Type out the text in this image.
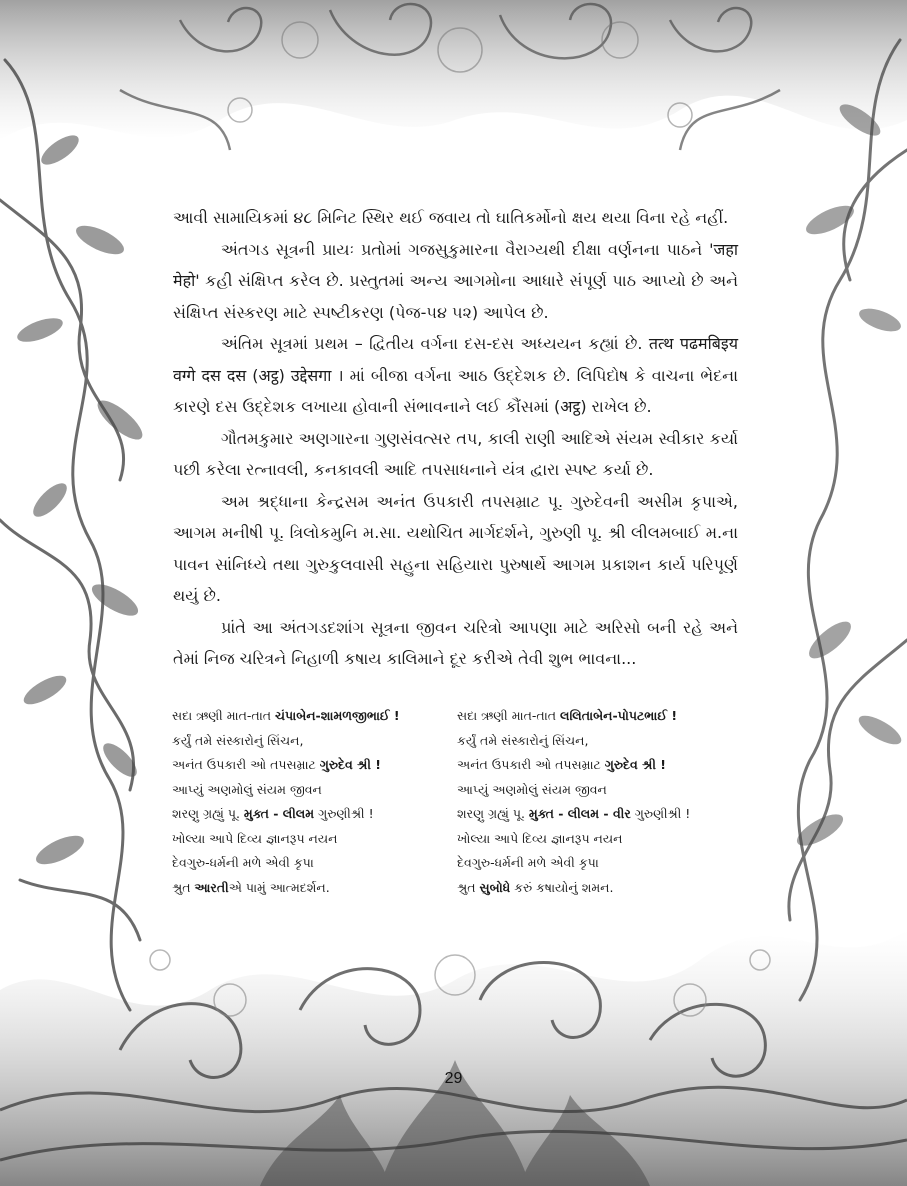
આવી સામાયિકમાં ૪૮ મિનિટ સ્થિર થઈ જવાય તો ઘાતિકર્મોનો ક્ષય થયા વિના રહે નહીં.

અંતગડ સૂત્રની પ્રાયઃ પ્રતોમાં ગજસુકુમારના વૈરાગ્યથી દીક્ષા વર્ણનના પાઠને 'जहा मेहो' કહી સંક્ષિપ્ત કરેલ છે. પ્રસ્તુતમાં અન્ય આગમોના આધારે સંપૂર્ણ પાઠ આપ્યો છે અને સંક્ષિપ્ત સંસ્કરણ માટે સ્પષ્ટીકરણ (પેજ-૫૪ ૫૨) આપેલ છે.

અંતિમ સૂત્રમાં પ્રથમ – દ્વિતીય વર્ગના દસ-દસ અધ્યયન કહ્યાં છે. तत्थ पढमबिइय वग्गे दस दस (अट्ठ) उद्देसगा । માં બીજા વર્ગના આઠ ઉદ્દેશક છે. લિપિદોષ કે વાચના ભેદના કારણે દસ ઉદ્દેશક લખાયા હોવાની સંભાવનાને લઈ કૌંસમાં (अट्ठ) રાખેલ છે.

ગૌતમકુમાર અણગારના ગુણસંવત્સર તપ, કાલી રાણી આદિએ સંયમ સ્વીકાર કર્યા પછી કરેલા રત્નાવલી, કનકાવલી આદિ તપસાધનાને યંત્ર દ્વારા સ્પષ્ટ કર્યા છે.

અમ શ્રદ્ધાના કેન્દ્રસમ અનંત ઉપકારી તપસમ્રાટ પૂ. ગુરુદેવની અસીમ કૃપાએ, આગમ મનીષી પૂ. ત્રિલોકમુનિ મ.સા. યથોચિત માર્ગદર્શને, ગુરુણી પૂ. શ્રી લીલમબાઈ મ.ના પાવન સાંનિધ્યે તથા ગુરુકુલવાસી સહુના સહિયારા પુરુષાર્થે આગમ પ્રકાશન કાર્ય પરિપૂર્ણ થયું છે.

પ્રાંતે આ અંતગડદશાંગ સૂત્રના જીવન ચરિત્રો આપણા માટે અરિસો બની રહે અને તેમાં નિજ ચરિત્રને નિહાળી કષાય કાલિમાને દૂર કરીએ તેવી શુભ ભાવના...

સદા ઋણી માત-તાત ચંપાબેન-શામળજીભાઈ !
કર્યું તમે સંસ્કારોનું સિંચન,
અનંત ઉપકારી ઓ તપસમ્રાટ ગુરુદેવ શ્રી !
આપ્યું અણમોલું સંયમ જીવન
શરણુ ગ્રહ્યું પૂ. મુક્ત - લીલમ ગુરુણીશ્રી !
ખોલ્યા આપે દિવ્ય જ્ઞાનરૂપ નયન
દેવગુરુ-ધર્મની મળે એવી કૃપા
શ્રુત આરતીએ પામું આત્મદર્શન.
સદા ઋણી માત-તાત લલિતાબેન-પોપટભાઈ !
કર્યું તમે સંસ્કારોનું સિંચન,
અનંત ઉપકારી ઓ તપસમ્રાટ ગુરુદેવ શ્રી !
આપ્યું અણમોલું સંયમ જીવન
શરણુ ગ્રહ્યું પૂ. મુક્ત - લીલમ - વીર ગુરુણીશ્રી !
ખોલ્યા આપે દિવ્ય જ્ઞાનરૂપ નયન
દેવગુરુ-ધર્મની મળે એવી કૃપા
શ્રુત સુબોધે કરું કષાયોનું શમન.
29
